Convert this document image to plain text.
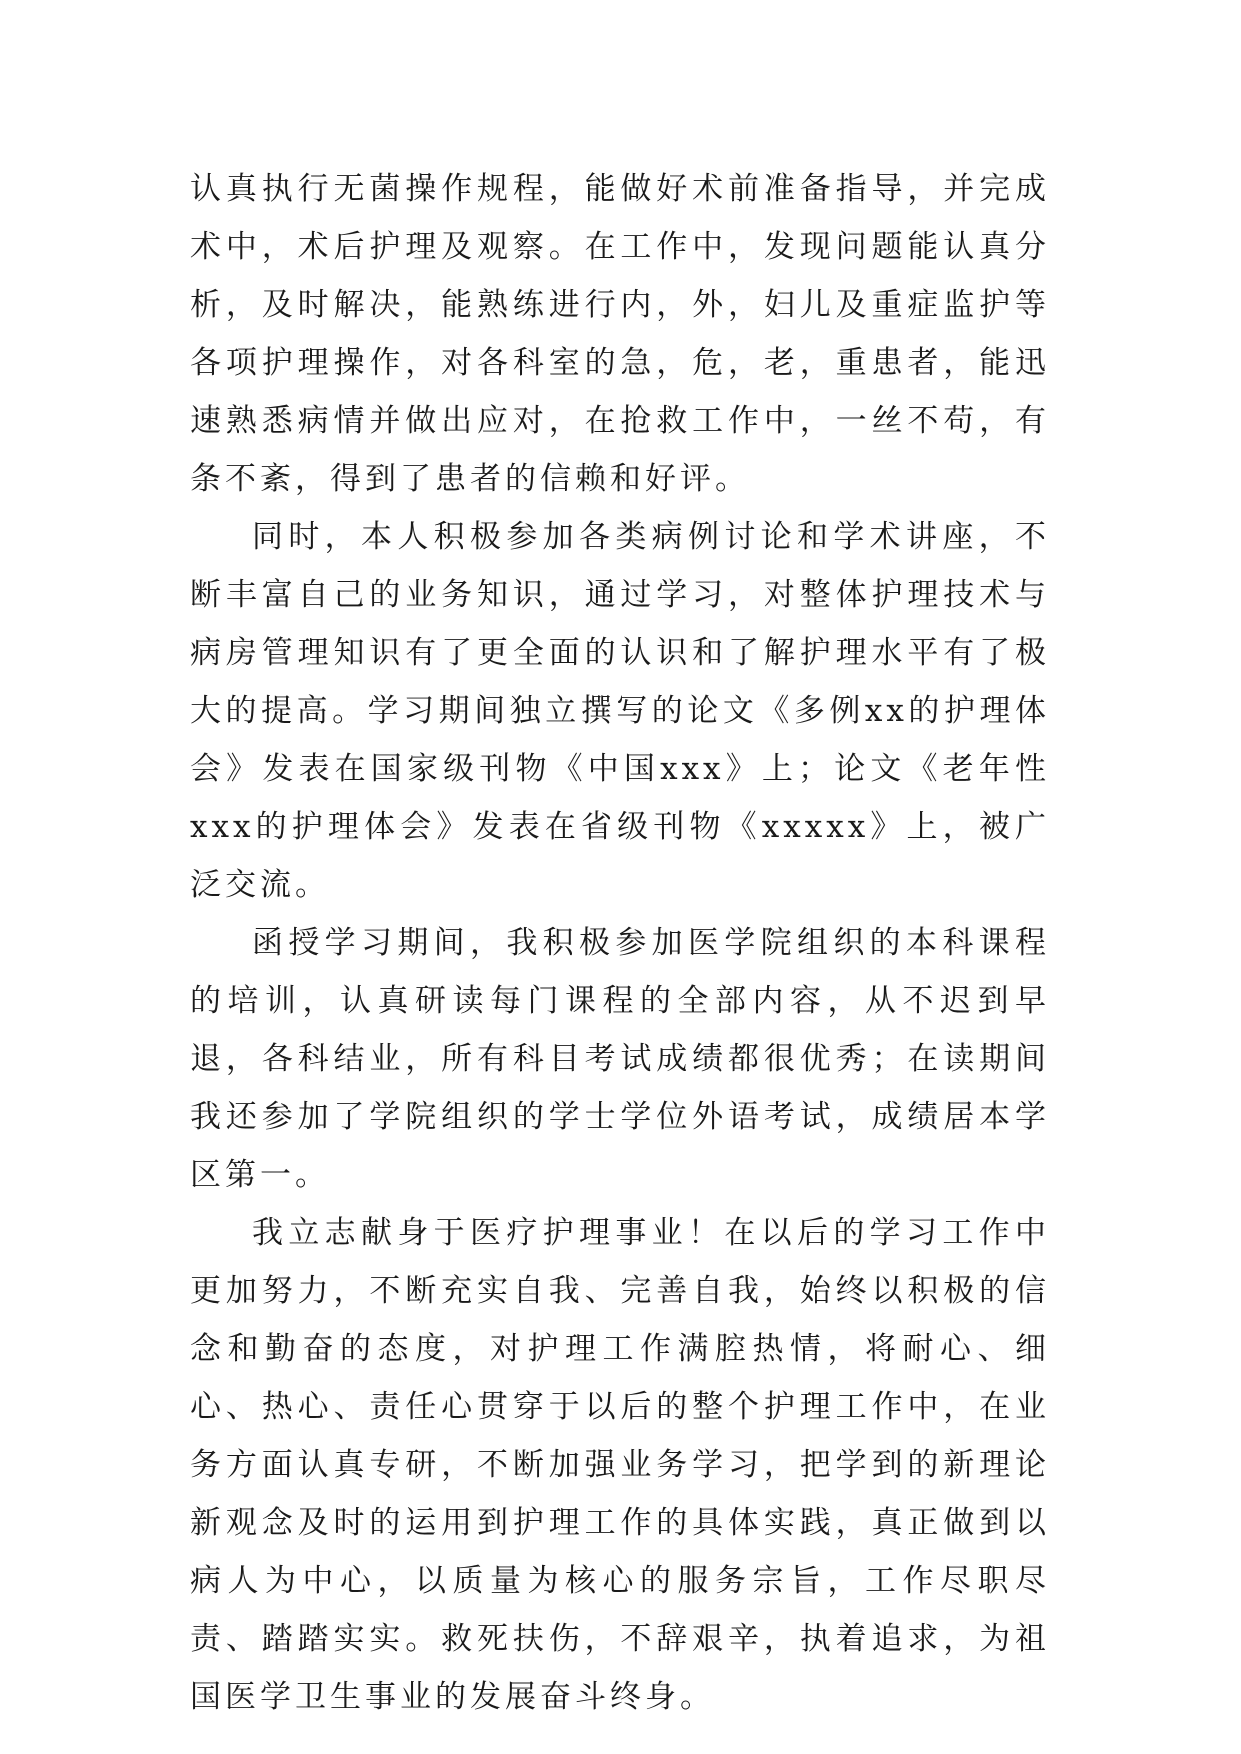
认真执行无菌操作规程，能做好术前准备指导，并完成术中，术后护理及观察。在工作中，发现问题能认真分析，及时解决，能熟练进行内，外，妇儿及重症监护等各项护理操作，对各科室的急，危，老，重患者，能迅速熟悉病情并做出应对，在抢救工作中，一丝不苟，有条不紊，得到了患者的信赖和好评。

同时，本人积极参加各类病例讨论和学术讲座，不断丰富自己的业务知识，通过学习，对整体护理技术与病房管理知识有了更全面的认识和了解护理水平有了极大的提高。学习期间独立撰写的论文《多例xx的护理体会》发表在国家级刊物《中国xxx》上；论文《老年性xxx的护理体会》发表在省级刊物《xxxxx》上，被广泛交流。

函授学习期间，我积极参加医学院组织的本科课程的培训，认真研读每门课程的全部内容，从不迟到早退，各科结业，所有科目考试成绩都很优秀；在读期间我还参加了学院组织的学士学位外语考试，成绩居本学区第一。

我立志献身于医疗护理事业！在以后的学习工作中更加努力，不断充实自我、完善自我，始终以积极的信念和勤奋的态度，对护理工作满腔热情，将耐心、细心、热心、责任心贯穿于以后的整个护理工作中，在业务方面认真专研，不断加强业务学习，把学到的新理论新观念及时的运用到护理工作的具体实践，真正做到以病人为中心，以质量为核心的服务宗旨，工作尽职尽责、踏踏实实。救死扶伤，不辞艰辛，执着追求，为祖国医学卫生事业的发展奋斗终身。
